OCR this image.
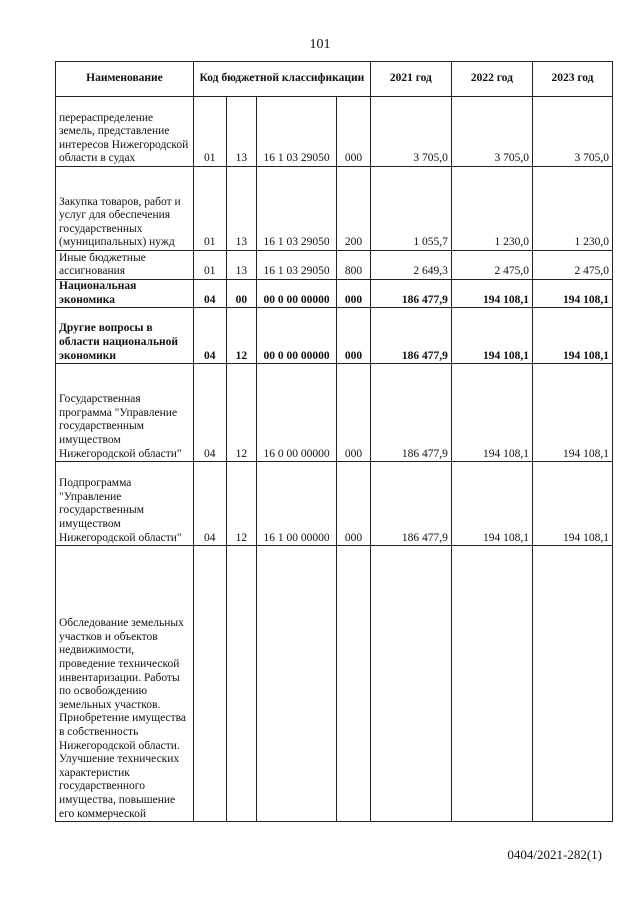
101
Наименование	Код бюджетной классификации				2021 год	2022 год	2023 год
перераспределение земель, представление интересов Нижегородской области в судах	01	13	16 1 03 29050	000	3 705,0	3 705,0	3 705,0
Закупка товаров, работ и услуг для обеспечения государственных (муниципальных) нужд	01	13	16 1 03 29050	200	1 055,7	1 230,0	1 230,0
Иные бюджетные ассигнования	01	13	16 1 03 29050	800	2 649,3	2 475,0	2 475,0
Национальная экономика	04	00	00 0 00 00000	000	186 477,9	194 108,1	194 108,1
Другие вопросы в области национальной экономики	04	12	00 0 00 00000	000	186 477,9	194 108,1	194 108,1
Государственная программа "Управление государственным имуществом Нижегородской области"	04	12	16 0 00 00000	000	186 477,9	194 108,1	194 108,1
Подпрограмма "Управление государственным имуществом Нижегородской области"	04	12	16 1 00 00000	000	186 477,9	194 108,1	194 108,1
Обследование земельных участков и объектов недвижимости, проведение технической инвентаризации. Работы по освобождению земельных участков. Приобретение имущества в собственность Нижегородской области. Улучшение технических характеристик государственного имущества, повышение его коммерческой							
0404/2021-282(1)
